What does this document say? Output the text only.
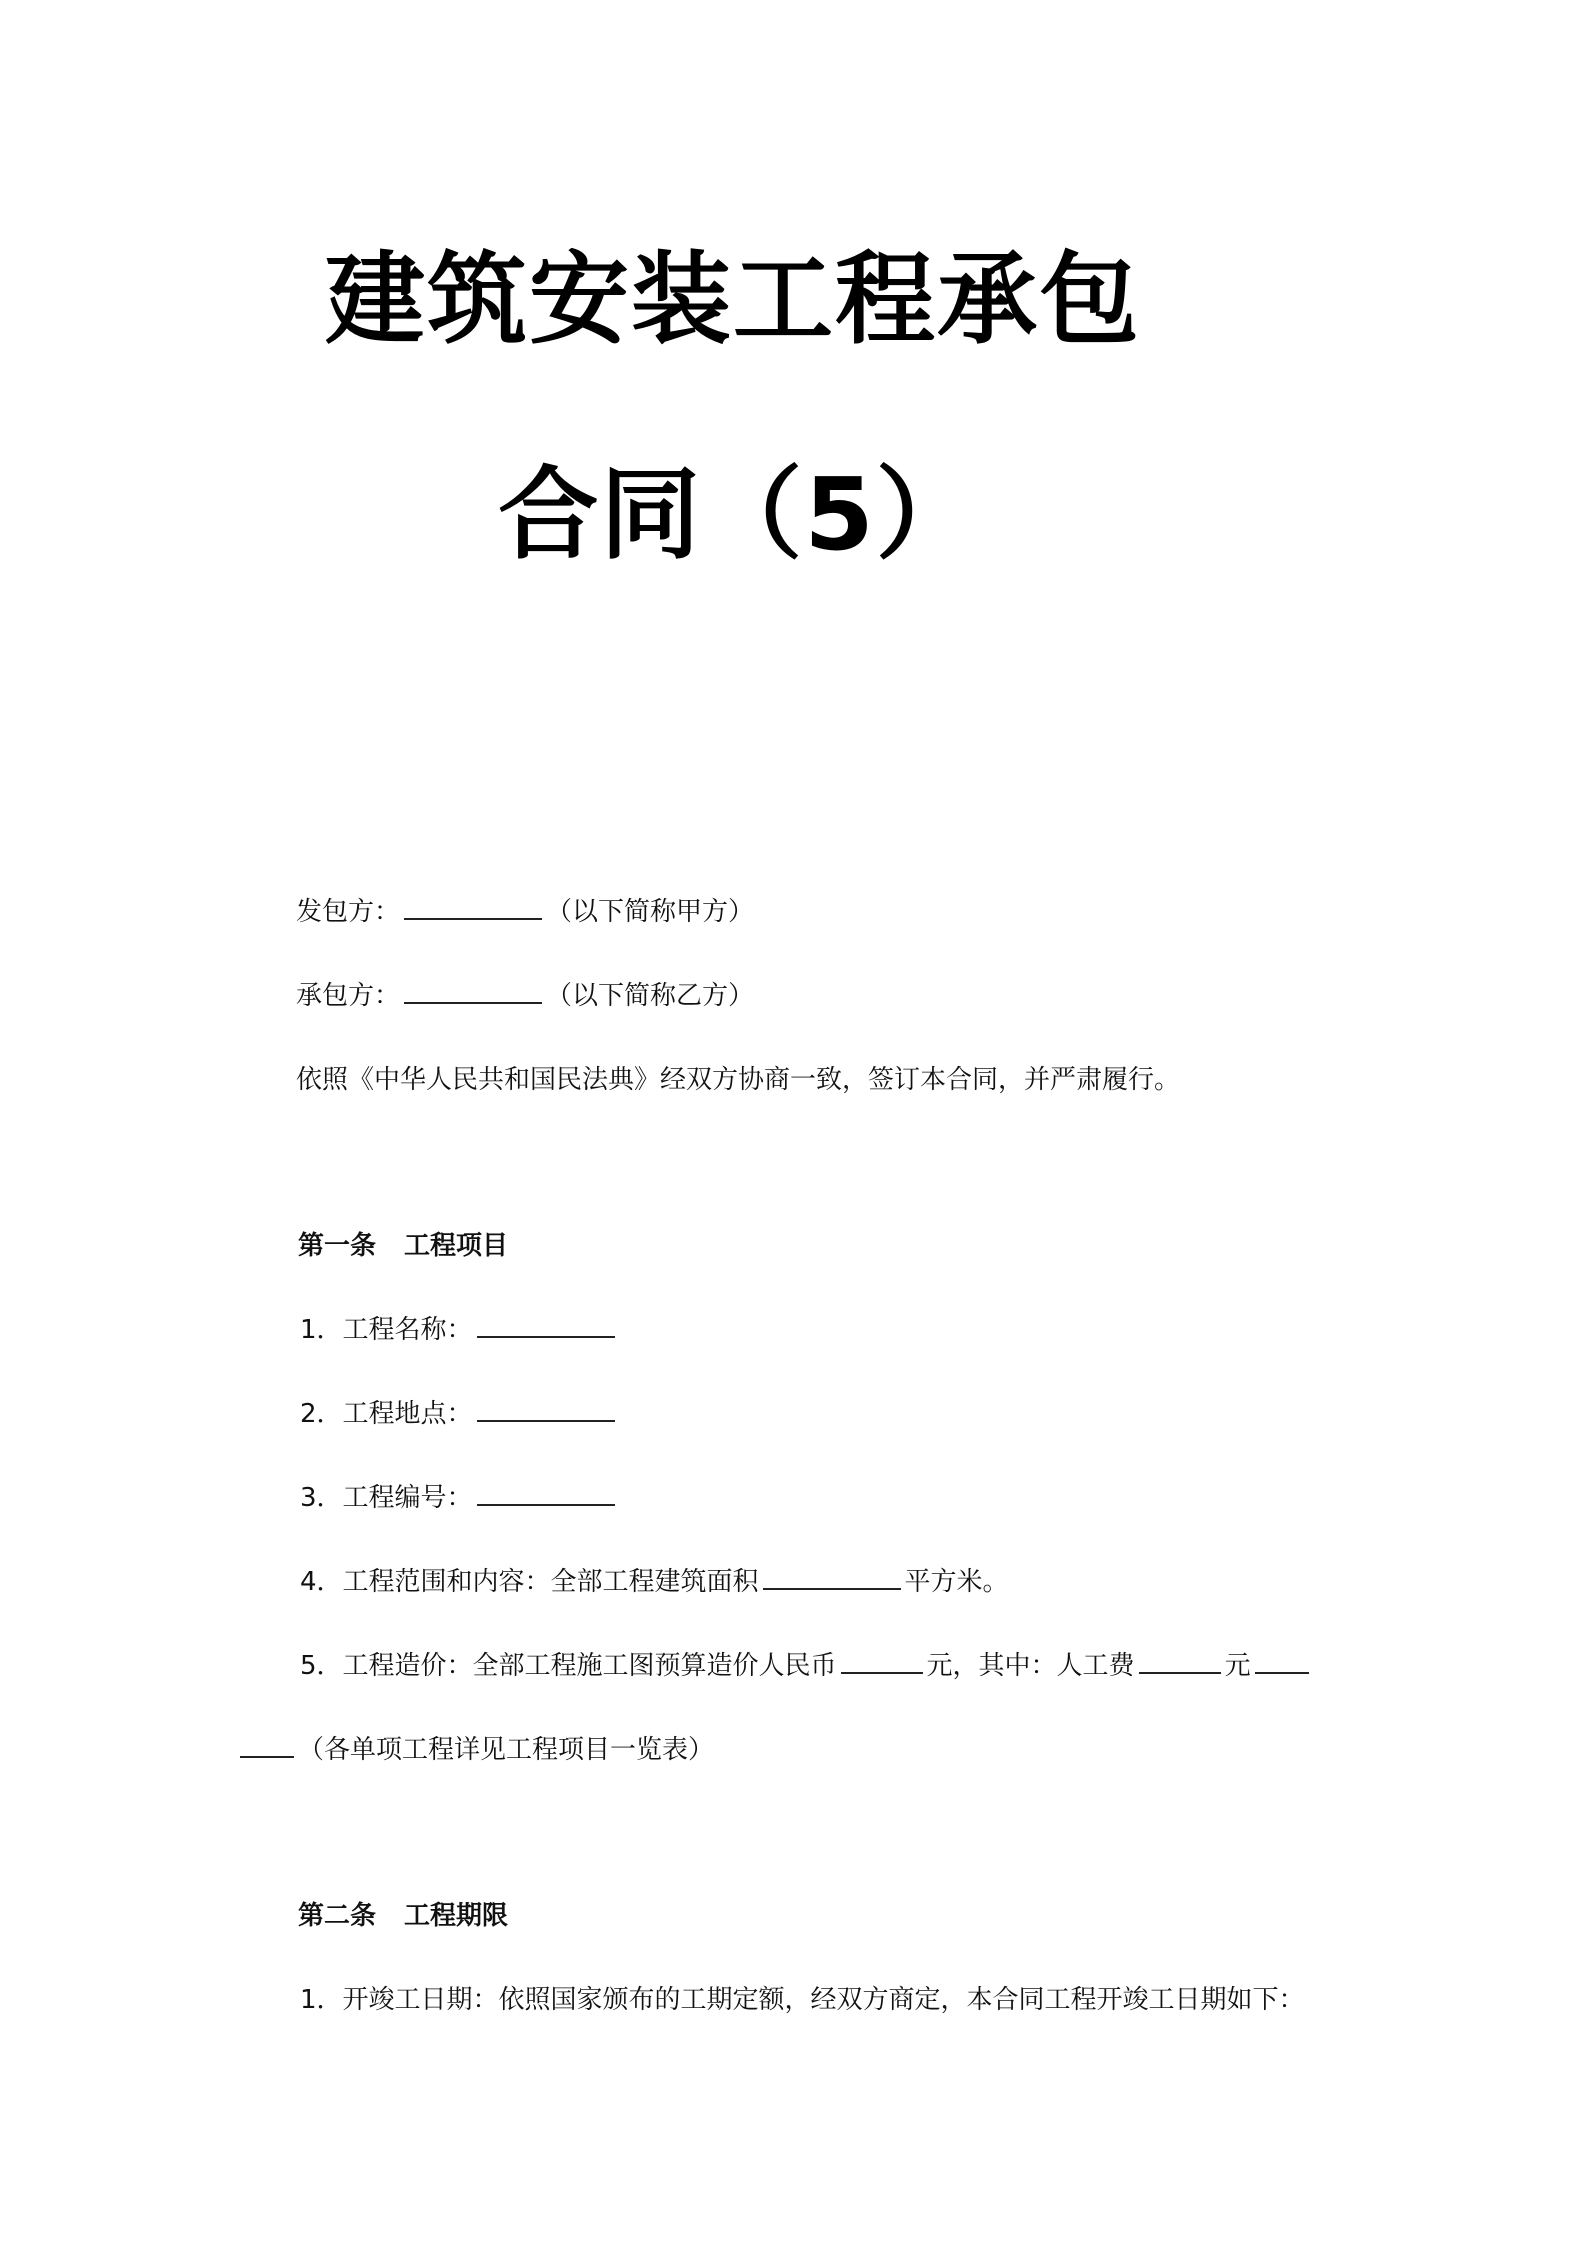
建筑安装工程承包
合同（5）
发包方：	（以下简称甲方）
承包方：	（以下简称乙方）
依照《中华人民共和国民法典》经双方协商一致，签订本合同，并严肃履行。
第一条 工程项目
1．工程名称：
2．工程地点：
3．工程编号：
4．工程范围和内容：全部工程建筑面积	平方米。
5．工程造价：全部工程施工图预算造价人民币	元，其中：人工费	元
（各单项工程详见工程项目一览表）
第二条 工程期限
1．开竣工日期：依照国家颁布的工期定额，经双方商定，本合同工程开竣工日期如下：
